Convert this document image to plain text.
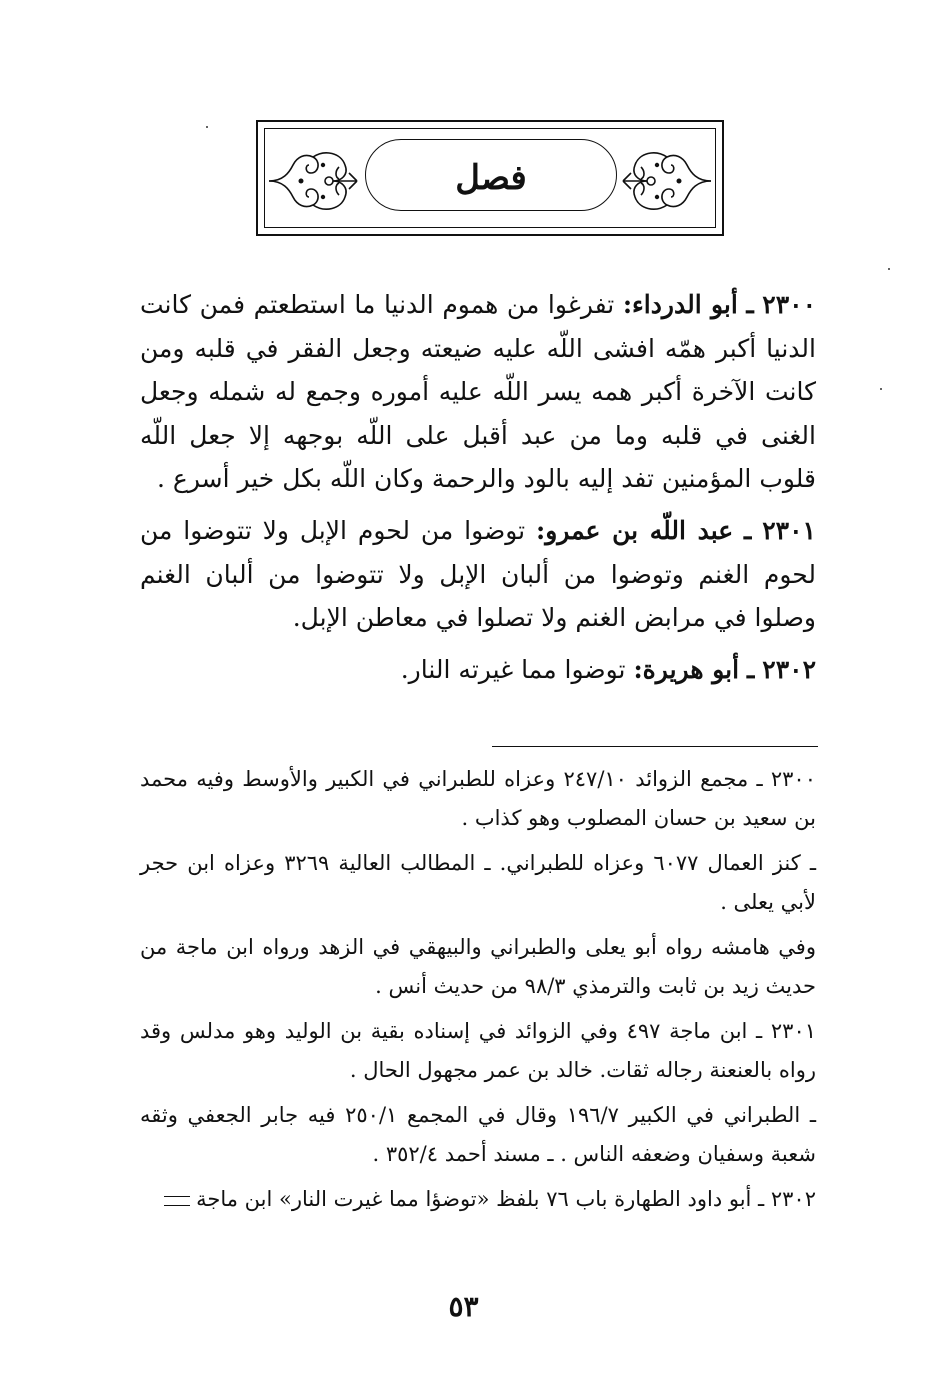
فصل

٢٣٠٠ ـ أبو الدرداء: تفرغوا من هموم الدنيا ما استطعتم فمن كانت الدنيا أكبر همّه افشى اللّه عليه ضيعته وجعل الفقر في قلبه ومن كانت الآخرة أكبر همه يسر اللّه عليه أموره وجمع له شمله وجعل الغنى في قلبه وما من عبد أقبل على اللّه بوجهه إلا جعل اللّه قلوب المؤمنين تفد إليه بالود والرحمة وكان اللّه بكل خير أسرع .

٢٣٠١ ـ عبد اللّه بن عمرو: توضوا من لحوم الإبل ولا تتوضوا من لحوم الغنم وتوضوا من ألبان الإبل ولا تتوضوا من ألبان الغنم وصلوا في مرابض الغنم ولا تصلوا في معاطن الإبل.

٢٣٠٢ ـ أبو هريرة: توضوا مما غيرته النار.

٢٣٠٠ ـ مجمع الزوائد ٢٤٧/١٠ وعزاه للطبراني في الكبير والأوسط وفيه محمد بن سعيد بن حسان المصلوب وهو كذاب .

ـ كنز العمال ٦٠٧٧ وعزاه للطبراني. ـ المطالب العالية ٣٢٦٩ وعزاه ابن حجر لأبي يعلى .

وفي هامشه رواه أبو يعلى والطبراني والبيهقي في الزهد ورواه ابن ماجة من حديث زيد بن ثابت والترمذي ٩٨/٣ من حديث أنس .

٢٣٠١ ـ ابن ماجة ٤٩٧ وفي الزوائد في إسناده بقية بن الوليد وهو مدلس وقد رواه بالعنعنة رجاله ثقات. خالد بن عمر مجهول الحال .

ـ الطبراني في الكبير ١٩٦/٧ وقال في المجمع ٢٥٠/١ فيه جابر الجعفي وثقه شعبة وسفيان وضعفه الناس . ـ مسند أحمد ٣٥٢/٤ .

٢٣٠٢ ـ أبو داود الطهارة باب ٧٦ بلفظ «توضؤا مما غيرت النار» ابن ماجة

٥٣
